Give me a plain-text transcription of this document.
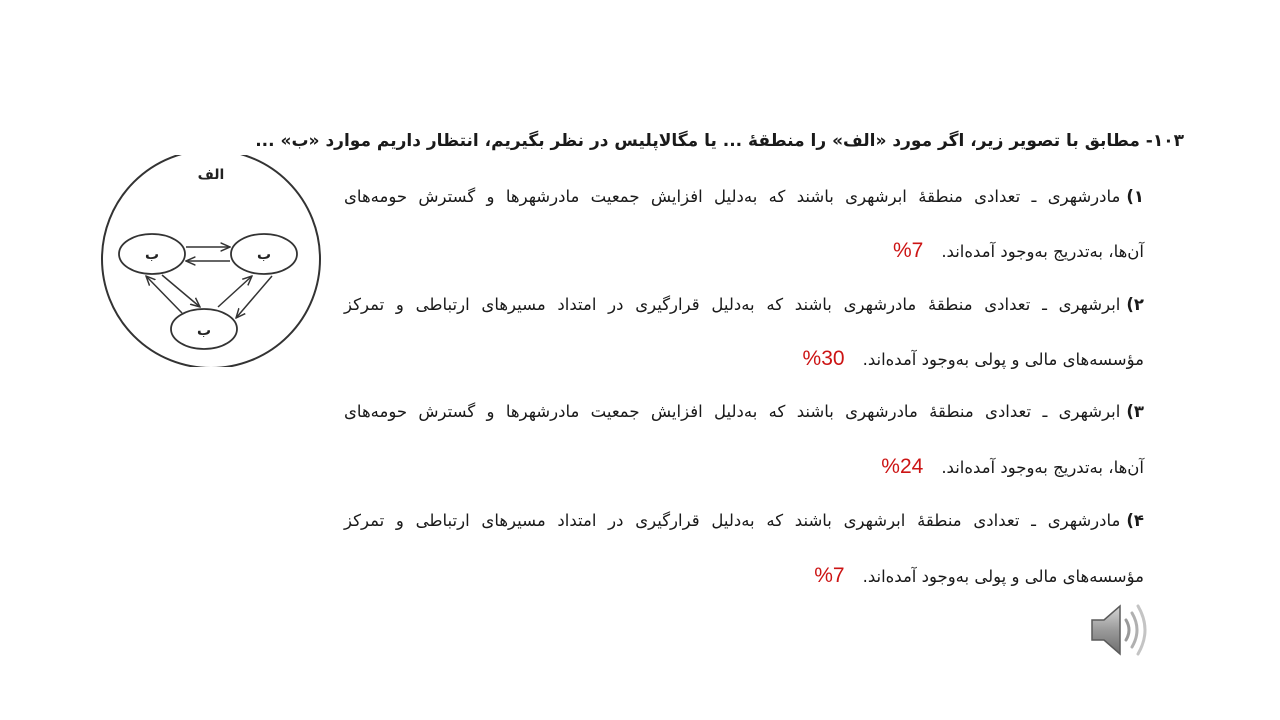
۱۰۳- مطابق با تصویر زیر، اگر مورد «الف» را منطقهٔ ... یا مگالاپلیس در نظر بگیریم، انتظار داریم موارد «ب» ...
الف
ب	ب
ب
۱)مادرشهری ـ تعدادی منطقهٔ ابرشهری باشند که به‌دلیل افزایش جمعیت مادرشهرها و گسترش حومه‌های
آن‌ها، به‌تدریج به‌وجود آمده‌اند.%7
۲)ابرشهری ـ تعدادی منطقهٔ مادرشهری باشند که به‌دلیل قرارگیری در امتداد مسیرهای ارتباطی و تمرکز
مؤسسه‌های مالی و پولی به‌وجود آمده‌اند.%30
۳)ابرشهری ـ تعدادی منطقهٔ مادرشهری باشند که به‌دلیل افزایش جمعیت مادرشهرها و گسترش حومه‌های
آن‌ها، به‌تدریج به‌وجود آمده‌اند.%24
۴)مادرشهری ـ تعدادی منطقهٔ ابرشهری باشند که به‌دلیل قرارگیری در امتداد مسیرهای ارتباطی و تمرکز
مؤسسه‌های مالی و پولی به‌وجود آمده‌اند.%7
